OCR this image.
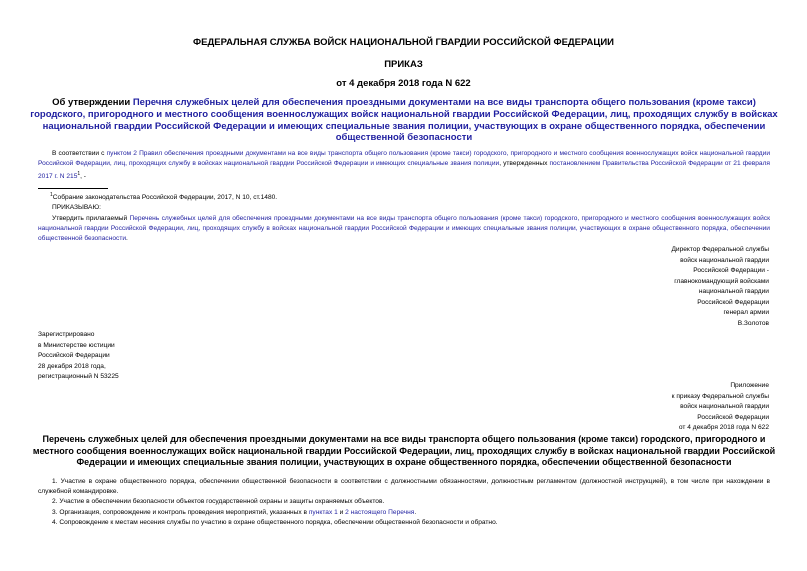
ФЕДЕРАЛЬНАЯ СЛУЖБА ВОЙСК НАЦИОНАЛЬНОЙ ГВАРДИИ РОССИЙСКОЙ ФЕДЕРАЦИИ
ПРИКАЗ
от 4 декабря 2018 года N 622
Об утверждении Перечня служебных целей для обеспечения проездными документами на все виды транспорта общего пользования (кроме такси) городского, пригородного и местного сообщения военнослужащих войск национальной гвардии Российской Федерации, лиц, проходящих службу в войсках национальной гвардии Российской Федерации и имеющих специальные звания полиции, участвующих в охране общественного порядка, обеспечении общественной безопасности
В соответствии с пунктом 2 Правил обеспечения проездными документами на все виды транспорта общего пользования (кроме такси) городского, пригородного и местного сообщения военнослужащих войск национальной гвардии Российской Федерации, лиц, проходящих службу в войсках национальной гвардии Российской Федерации и имеющих специальные звания полиции, утвержденных постановлением Правительства Российской Федерации от 21 февраля 2017 г. N $215^1$, -
$^1$Собрание законодательства Российской Федерации, 2017, N 10, ст.1480.
ПРИКАЗЫВАЮ:
Утвердить прилагаемый Перечень служебных целей для обеспечения проездными документами на все виды транспорта общего пользования (кроме такси) городского, пригородного и местного сообщения военнослужащих войск национальной гвардии Российской Федерации, лиц, проходящих службу в войсках национальной гвардии Российской Федерации и имеющих специальные звания полиции, участвующих в охране общественного порядка, обеспечении общественной безопасности.
Директор Федеральной службы
войск национальной гвардии
Российской Федерации -
главнокомандующий войсками
национальной гвардии
Российской Федерации
генерал армии
В.Золотов
Зарегистрировано
в Министерстве юстиции
Российской Федерации
28 декабря 2018 года,
регистрационный N 53225
Приложение
к приказу Федеральной службы
войск национальной гвардии
Российской Федерации
от 4 декабря 2018 года N 622
Перечень служебных целей для обеспечения проездными документами на все виды транспорта общего пользования (кроме такси) городского, пригородного и местного сообщения военнослужащих войск национальной гвардии Российской Федерации, лиц, проходящих службу в войсках национальной гвардии Российской Федерации и имеющих специальные звания полиции, участвующих в охране общественного порядка, обеспечении общественной безопасности
1. Участие в охране общественного порядка, обеспечении общественной безопасности в соответствии с должностными обязанностями, должностным регламентом (должностной инструкцией), в том числе при нахождении в служебной командировке.
2. Участие в обеспечении безопасности объектов государственной охраны и защиты охраняемых объектов.
3. Организация, сопровождение и контроль проведения мероприятий, указанных в пунктах 1 и 2 настоящего Перечня.
4. Сопровождение к местам несения службы по участию в охране общественного порядка, обеспечении общественной безопасности и обратно.
